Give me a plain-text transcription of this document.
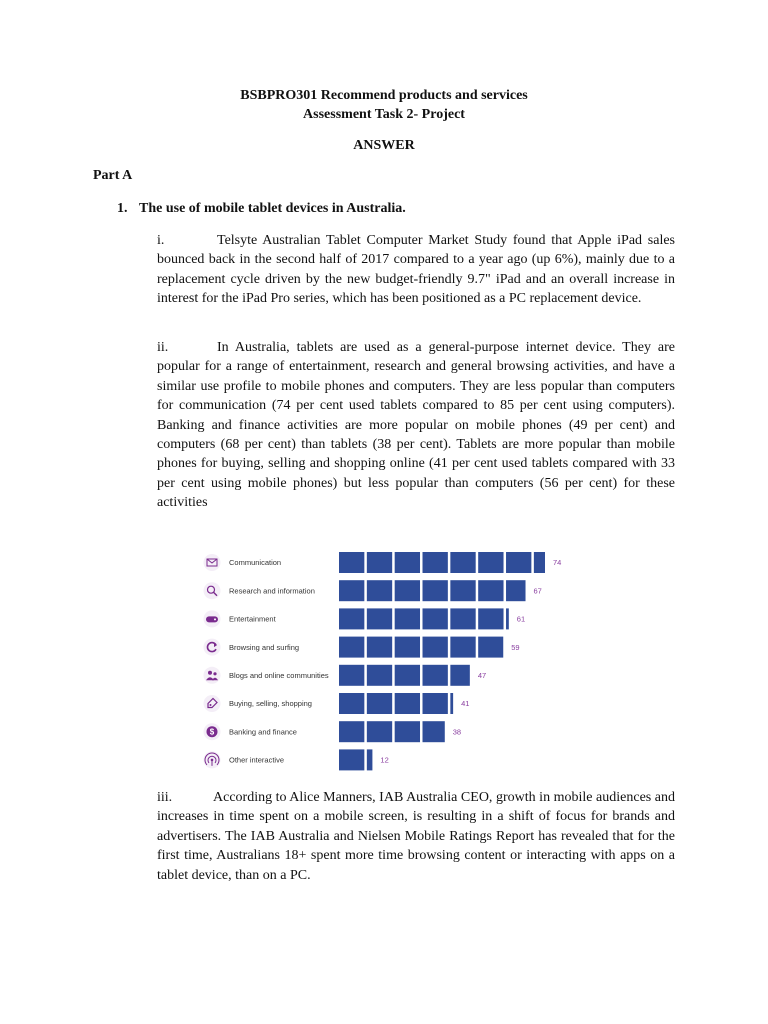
BSBPRO301 Recommend products and services
Assessment Task 2- Project
ANSWER
Part A
1. The use of mobile tablet devices in Australia.
i.	Telsyte Australian Tablet Computer Market Study found that Apple iPad sales bounced back in the second half of 2017 compared to a year ago (up 6%), mainly due to a replacement cycle driven by the new budget-friendly 9.7" iPad and an overall increase in interest for the iPad Pro series, which has been positioned as a PC replacement device.
ii.	In Australia, tablets are used as a general-purpose internet device. They are popular for a range of entertainment, research and general browsing activities, and have a similar use profile to mobile phones and computers. They are less popular than computers for communication (74 per cent used tablets compared to 85 per cent using computers). Banking and finance activities are more popular on mobile phones (49 per cent) and computers (68 per cent) than tablets (38 per cent). Tablets are more popular than mobile phones for buying, selling and shopping online (41 per cent used tablets compared with 33 per cent using mobile phones) but less popular than computers (56 per cent) for these activities
Communication	74
Research and information	67
Entertainment	61
Browsing and surfing	59
Blogs and online communities	47
Buying, selling, shopping	41
$ Banking and finance	38
Other interactive	12
iii.	According to Alice Manners, IAB Australia CEO, growth in mobile audiences and increases in time spent on a mobile screen, is resulting in a shift of focus for brands and advertisers. The IAB Australia and Nielsen Mobile Ratings Report has revealed that for the first time, Australians 18+ spent more time browsing content or interacting with apps on a tablet device, than on a PC.
